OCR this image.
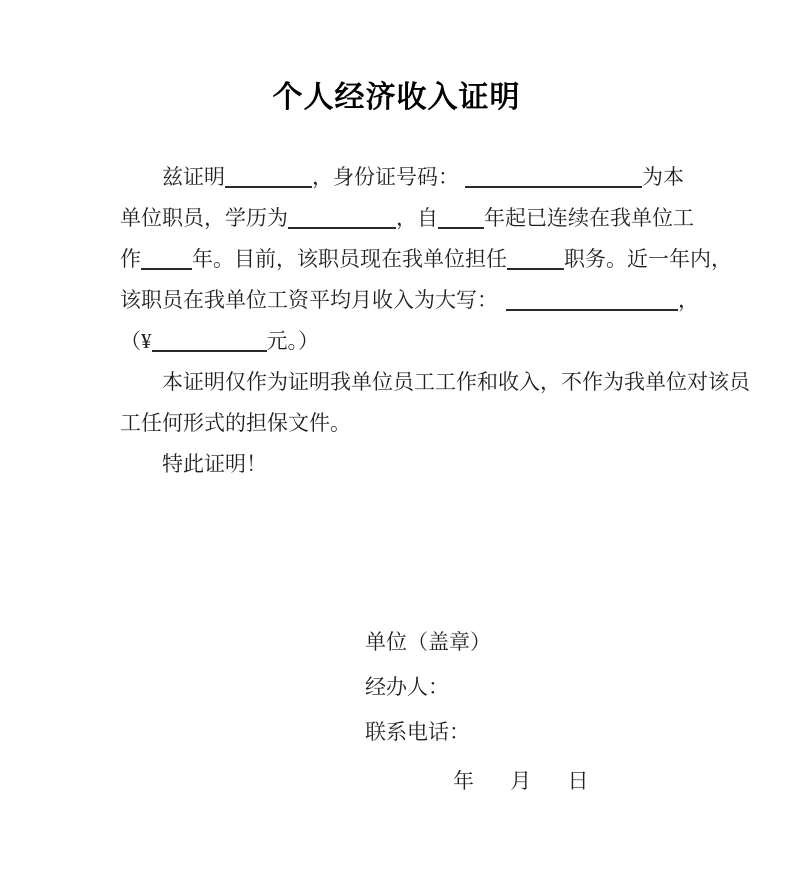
个人经济收入证明
兹证明	，身份证号码：	为本
单位职员，学历为	，自 年起已连续在我单位工
作 年。目前，该职员现在我单位担任	职务。近一年内，
该职员在我单位工资平均月收入为大写：	，
（¥	元。）
本证明仅作为证明我单位员工工作和收入，不作为我单位对该员
工任何形式的担保文件。
特此证明！
单位（盖章）
经办人：
联系电话：
年 月 日
